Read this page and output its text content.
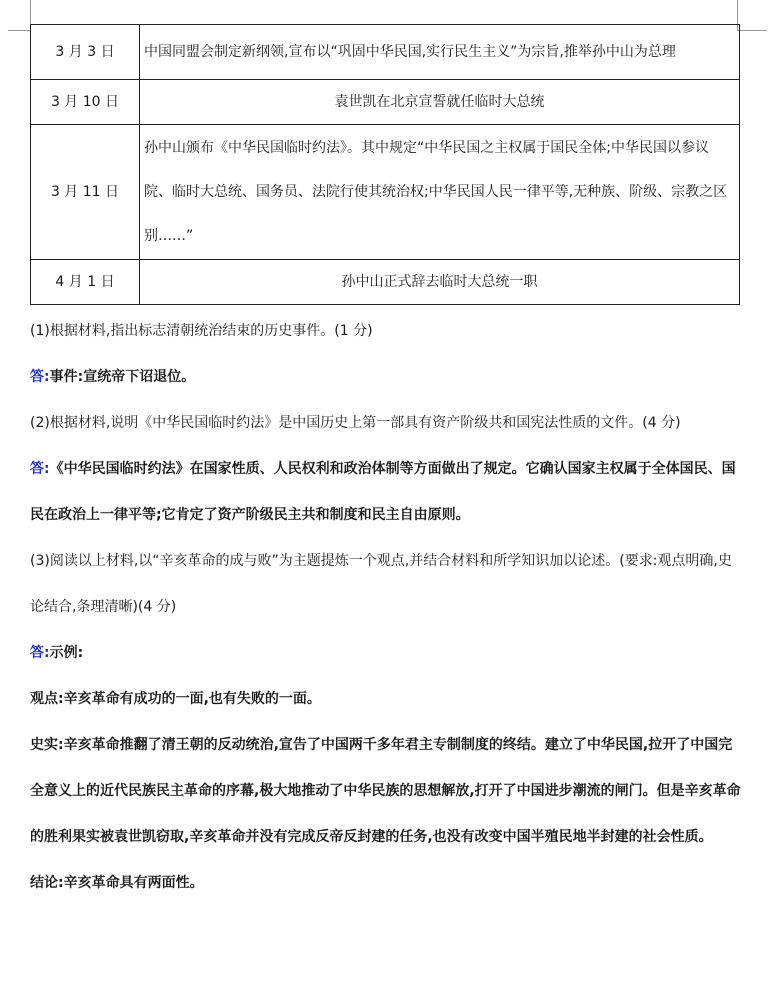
3 月 3 日	中国同盟会制定新纲领,宣布以“巩固中华民国,实行民生主义”为宗旨,推举孙中山为总理
3 月 10 日	袁世凯在北京宣誓就任临时大总统
3 月 11 日	孙中山颁布《中华民国临时约法》。其中规定“中华民国之主权属于国民全体;中华民国以参议院、临时大总统、国务员、法院行使其统治权;中华民国人民一律平等,无种族、阶级、宗教之区别……”
4 月 1 日	孙中山正式辞去临时大总统一职

(1)根据材料,指出标志清朝统治结束的历史事件。(1 分)

答:事件:宣统帝下诏退位。

(2)根据材料,说明《中华民国临时约法》是中国历史上第一部具有资产阶级共和国宪法性质的文件。(4 分)

答:《中华民国临时约法》在国家性质、人民权利和政治体制等方面做出了规定。它确认国家主权属于全体国民、国民在政治上一律平等;它肯定了资产阶级民主共和制度和民主自由原则。

(3)阅读以上材料,以“辛亥革命的成与败”为主题提炼一个观点,并结合材料和所学知识加以论述。(要求:观点明确,史论结合,条理清晰)(4 分)

答:示例:

观点:辛亥革命有成功的一面,也有失败的一面。

史实:辛亥革命推翻了清王朝的反动统治,宣告了中国两千多年君主专制制度的终结。建立了中华民国,拉开了中国完全意义上的近代民族民主革命的序幕,极大地推动了中华民族的思想解放,打开了中国进步潮流的闸门。但是辛亥革命的胜利果实被袁世凯窃取,辛亥革命并没有完成反帝反封建的任务,也没有改变中国半殖民地半封建的社会性质。

结论:辛亥革命具有两面性。
